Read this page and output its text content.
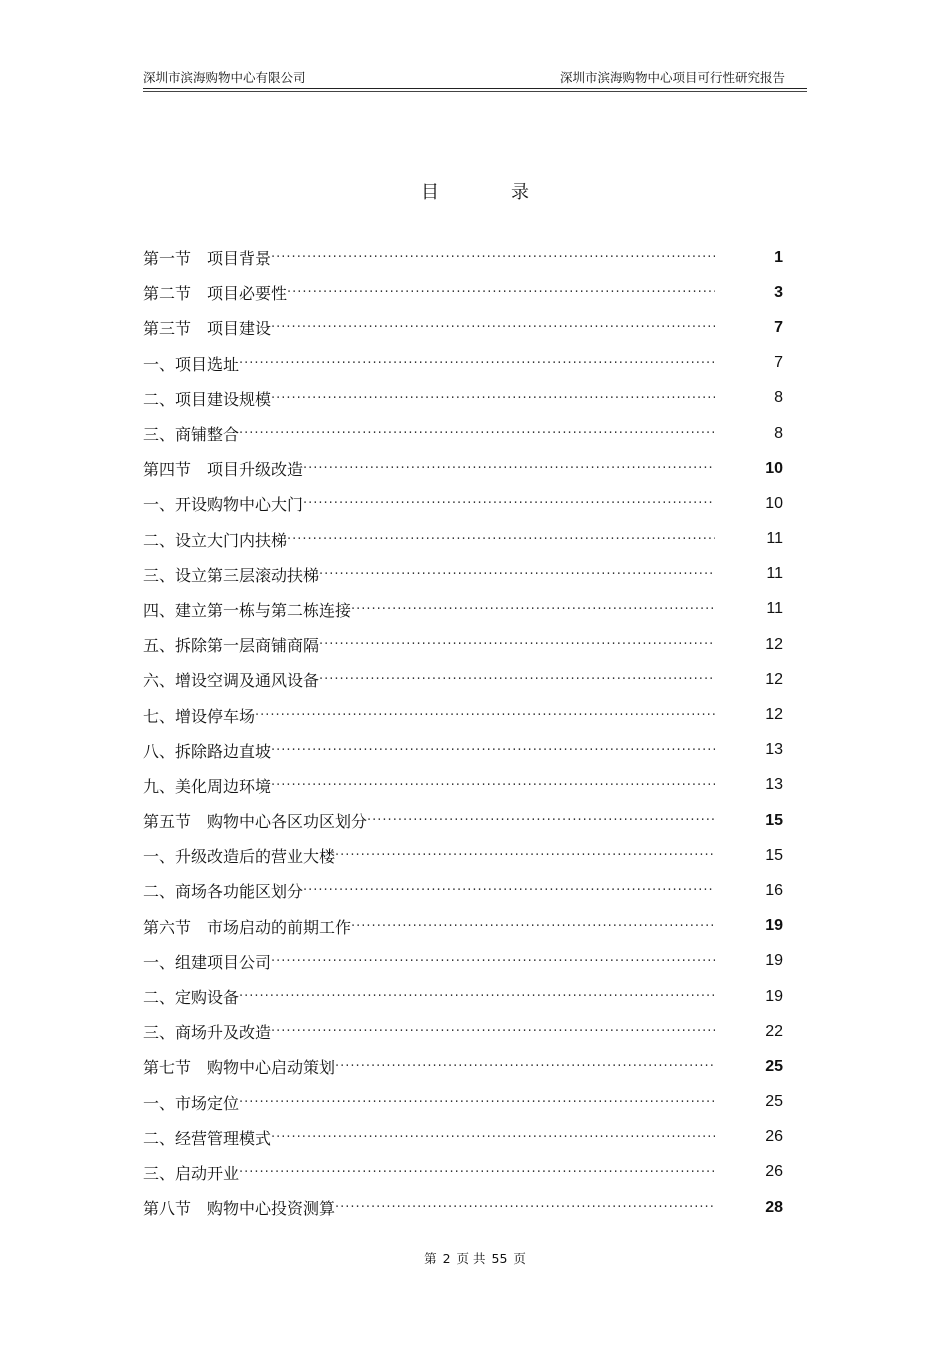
深圳市滨海购物中心有限公司	深圳市滨海购物中心项目可行性研究报告
目	录
第一节 项目背景 ·····	1
第二节 项目必要性 ·····	3
第三节 项目建设 ·····	7
一、项目选址 ·····	7
二、项目建设规模 ·····	8
三、商铺整合 ·····	8
第四节 项目升级改造 ·····	10
一、开设购物中心大门 ·····	10
二、设立大门内扶梯 ·····	11
三、设立第三层滚动扶梯 ·····	11
四、建立第一栋与第二栋连接 ·····	11
五、拆除第一层商铺商隔 ·····	12
六、增设空调及通风设备 ·····	12
七、增设停车场 ·····	12
八、拆除路边直坡 ·····	13
九、美化周边环境 ·····	13
第五节 购物中心各区功区划分 ·····	15
一、升级改造后的营业大楼 ·····	15
二、商场各功能区划分 ·····	16
第六节 市场启动的前期工作 ·····	19
一、组建项目公司 ·····	19
二、定购设备 ·····	19
三、商场升及改造 ·····	22
第七节 购物中心启动策划 ·····	25
一、市场定位 ·····	25
二、经营管理模式 ·····	26
三、启动开业 ·····	26
第八节 购物中心投资测算 ·····	28
第 2 页 共 55 页
